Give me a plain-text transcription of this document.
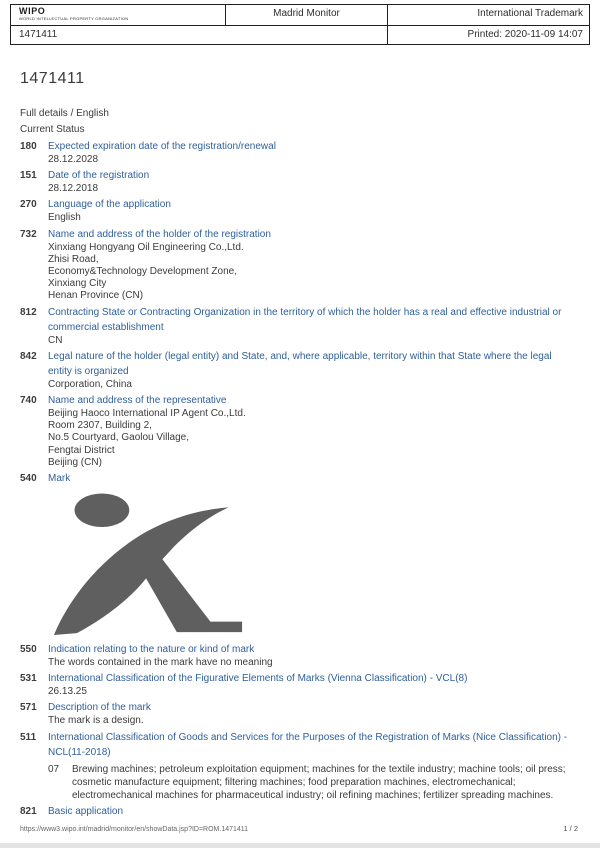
WIPO
WORLD INTELLECTUAL PROPERTY ORGANIZATION	Madrid Monitor	International Trademark
1471411	Printed: 2020-11-09 14:07
1471411
Full details / English
Current Status
180	Expected expiration date of the registration/renewal
28.12.2028
151	Date of the registration
28.12.2018
270	Language of the application
English
732	Name and address of the holder of the registration
Xinxiang Hongyang Oil Engineering Co.,Ltd.
Zhisi Road,
Economy&Technology Development Zone,
Xinxiang City
Henan Province (CN)
812	Contracting State or Contracting Organization in the territory of which the holder has a real and effective industrial or commercial establishment
CN
842	Legal nature of the holder (legal entity) and State, and, where applicable, territory within that State where the legal entity is organized
Corporation, China
740	Name and address of the representative
Beijing Haoco International IP Agent Co.,Ltd.
Room 2307, Building 2,
No.5 Courtyard, Gaolou Village,
Fengtai District
Beijing (CN)
540	Mark
550	Indication relating to the nature or kind of mark
The words contained in the mark have no meaning
531	International Classification of the Figurative Elements of Marks (Vienna Classification) - VCL(8)
26.13.25
571	Description of the mark
The mark is a design.
511	International Classification of Goods and Services for the Purposes of the Registration of Marks (Nice Classification) - NCL(11-2018)
07	Brewing machines; petroleum exploitation equipment; machines for the textile industry; machine tools; oil press; cosmetic manufacture equipment; filtering machines; food preparation machines, electromechanical; electromechanical machines for pharmaceutical industry; oil refining machines; fertilizer spreading machines.
821	Basic application
https://www3.wipo.int/madrid/monitor/en/showData.jsp?ID=ROM.1471411	1 / 2
